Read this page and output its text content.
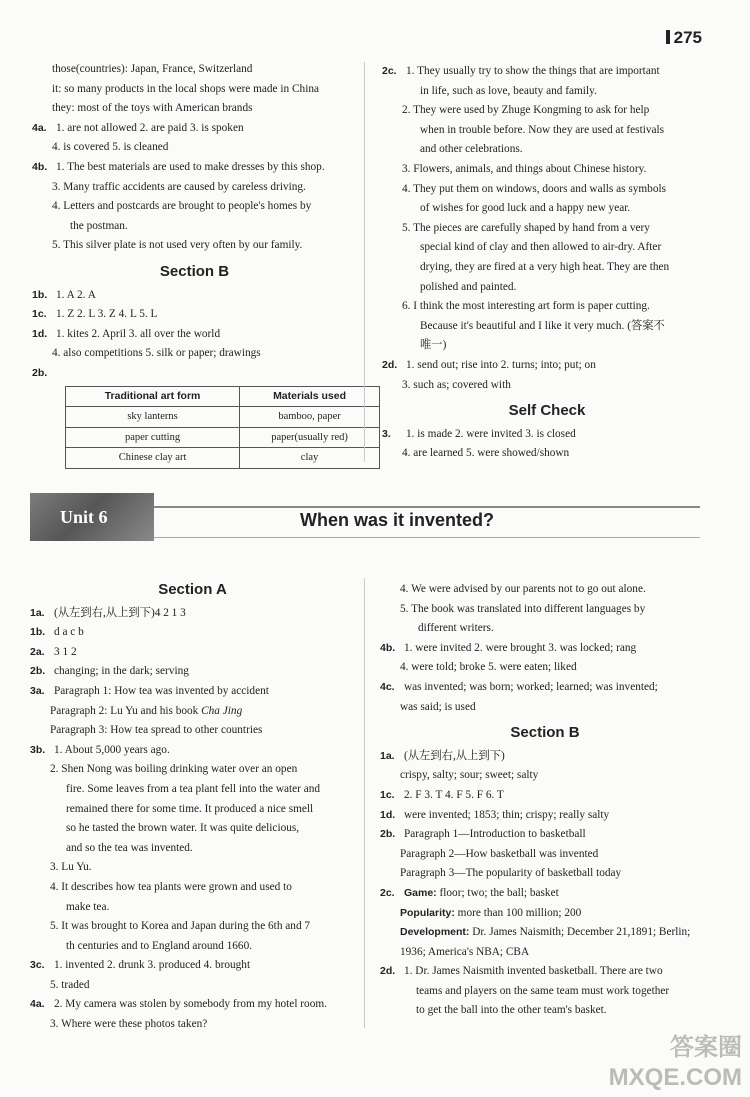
275

those(countries): Japan, France, Switzerland

it: so many products in the local shops were made in China

they: most of the toys with American brands

4a. 1. are not allowed 2. are paid 3. is spoken

4. is covered 5. is cleaned

4b. 1. The best materials are used to make dresses by this shop.

3. Many traffic accidents are caused by careless driving.

4. Letters and postcards are brought to people's homes by

the postman.

5. This silver plate is not used very often by our family.

Section B

1b. 1. A 2. A

1c. 1. Z 2. L 3. Z 4. L 5. L

1d. 1. kites 2. April 3. all over the world

4. also competitions 5. silk or paper; drawings

2b.

Traditional art form	Materials used
sky lanterns	bamboo, paper
paper cutting	paper(usually red)
Chinese clay art	clay

2c. 1. They usually try to show the things that are important

in life, such as love, beauty and family.

2. They were used by Zhuge Kongming to ask for help

when in trouble before. Now they are used at festivals

and other celebrations.

3. Flowers, animals, and things about Chinese history.

4. They put them on windows, doors and walls as symbols

of wishes for good luck and a happy new year.

5. The pieces are carefully shaped by hand from a very

special kind of clay and then allowed to air-dry. After

drying, they are fired at a very high heat. They are then

polished and painted.

6. I think the most interesting art form is paper cutting.

Because it's beautiful and I like it very much. (答案不

唯一)

2d. 1. send out; rise into 2. turns; into; put; on

3. such as; covered with

Self Check

3. 1. is made 2. were invited 3. is closed

4. are learned 5. were showed/shown

Unit 6	When was it invented?
Section A

1a. (从左到右,从上到下)4 2 1 3

1b. d a c b

2a. 3 1 2

2b. changing; in the dark; serving

3a. Paragraph 1: How tea was invented by accident

Paragraph 2: Lu Yu and his book Cha Jing

Paragraph 3: How tea spread to other countries

3b. 1. About 5,000 years ago.

2. Shen Nong was boiling drinking water over an open

fire. Some leaves from a tea plant fell into the water and

remained there for some time. It produced a nice smell

so he tasted the brown water. It was quite delicious,

and so the tea was invented.

3. Lu Yu.

4. It describes how tea plants were grown and used to

make tea.

5. It was brought to Korea and Japan during the 6th and 7

th centuries and to England around 1660.

3c. 1. invented 2. drunk 3. produced 4. brought

5. traded

4a. 2. My camera was stolen by somebody from my hotel room.

3. Where were these photos taken?

4. We were advised by our parents not to go out alone.

5. The book was translated into different languages by

different writers.

4b. 1. were invited 2. were brought 3. was locked; rang

4. were told; broke 5. were eaten; liked

4c. was invented; was born; worked; learned; was invented;

was said; is used

Section B

1a. (从左到右,从上到下)

crispy, salty; sour; sweet; salty

1c. 2. F 3. T 4. F 5. F 6. T

1d. were invented; 1853; thin; crispy; really salty

2b. Paragraph 1—Introduction to basketball

Paragraph 2—How basketball was invented

Paragraph 3—The popularity of basketball today

2c. Game: floor; two; the ball; basket

Popularity: more than 100 million; 200

Development: Dr. James Naismith; December 21,1891; Berlin;

1936; America's NBA; CBA

2d. 1. Dr. James Naismith invented basketball. There are two

teams and players on the same team must work together

to get the ball into the other team's basket.

答案圈
MXQE.COM
